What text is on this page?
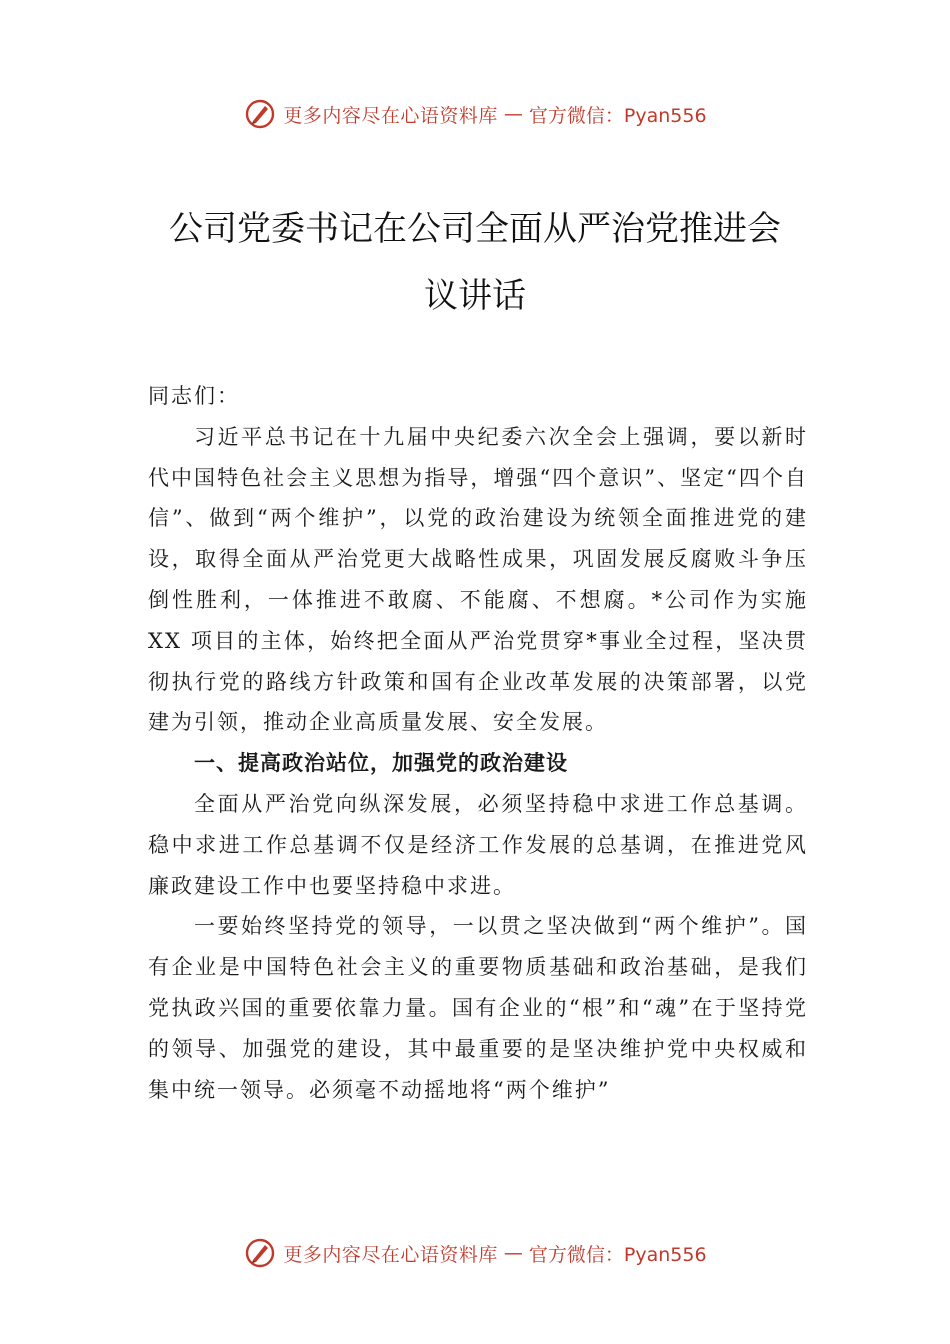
更多内容尽在心语资料库 — 官方微信：Pyan556
公司党委书记在公司全面从严治党推进会
议讲话

同志们：

习近平总书记在十九届中央纪委六次全会上强调，要以新时代中国特色社会主义思想为指导，增强“四个意识”、坚定“四个自信”、做到“两个维护”，以党的政治建设为统领全面推进党的建设，取得全面从严治党更大战略性成果，巩固发展反腐败斗争压倒性胜利，一体推进不敢腐、不能腐、不想腐。*公司作为实施 XX 项目的主体，始终把全面从严治党贯穿*事业全过程，坚决贯彻执行党的路线方针政策和国有企业改革发展的决策部署，以党建为引领，推动企业高质量发展、安全发展。

一、提高政治站位，加强党的政治建设

全面从严治党向纵深发展，必须坚持稳中求进工作总基调。稳中求进工作总基调不仅是经济工作发展的总基调，在推进党风廉政建设工作中也要坚持稳中求进。

一要始终坚持党的领导，一以贯之坚决做到“两个维护”。国有企业是中国特色社会主义的重要物质基础和政治基础，是我们党执政兴国的重要依靠力量。国有企业的“根”和“魂”在于坚持党的领导、加强党的建设，其中最重要的是坚决维护党中央权威和集中统一领导。必须毫不动摇地将“两个维护”

更多内容尽在心语资料库 — 官方微信：Pyan556
